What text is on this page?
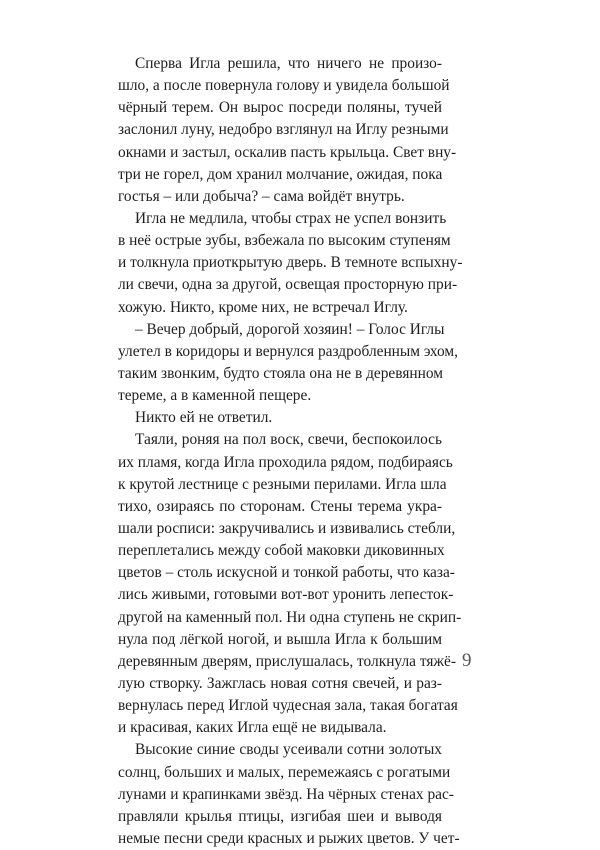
Сперва Игла решила, что ничего не произо-
шло, а после повернула голову и увидела большой
чёрный терем. Он вырос посреди поляны, тучей
заслонил луну, недобро взглянул на Иглу резными
окнами и застыл, оскалив пасть крыльца. Свет вну-
три не горел, дом хранил молчание, ожидая, пока
гостья – или добыча? – сама войдёт внутрь.
Игла не медлила, чтобы страх не успел вонзить
в неё острые зубы, взбежала по высоким ступеням
и толкнула приоткрытую дверь. В темноте вспыхну-
ли свечи, одна за другой, освещая просторную при-
хожую. Никто, кроме них, не встречал Иглу.
– Вечер добрый, дорогой хозяин! – Голос Иглы
улетел в коридоры и вернулся раздробленным эхом,
таким звонким, будто стояла она не в деревянном
тереме, а в каменной пещере.
Никто ей не ответил.
Таяли, роняя на пол воск, свечи, беспокоилось
их пламя, когда Игла проходила рядом, подбираясь
к крутой лестнице с резными перилами. Игла шла
тихо, озираясь по сторонам. Стены терема укра-
шали росписи: закручивались и извивались стебли,
переплетались между собой маковки диковинных
цветов – столь искусной и тонкой работы, что каза-
лись живыми, готовыми вот-вот уронить лепесток-
другой на каменный пол. Ни одна ступень не скрип-
нула под лёгкой ногой, и вышла Игла к большим
деревянным дверям, прислушалась, толкнула тяжё-
лую створку. Зажглась новая сотня свечей, и раз-
вернулась перед Иглой чудесная зала, такая богатая
и красивая, каких Игла ещё не видывала.
Высокие синие своды усеивали сотни золотых
солнц, больших и малых, перемежаясь с рогатыми
лунами и крапинками звёзд. На чёрных стенах рас-
правляли крылья птицы, изгибая шеи и выводя
немые песни среди красных и рыжих цветов. У чет-
9
